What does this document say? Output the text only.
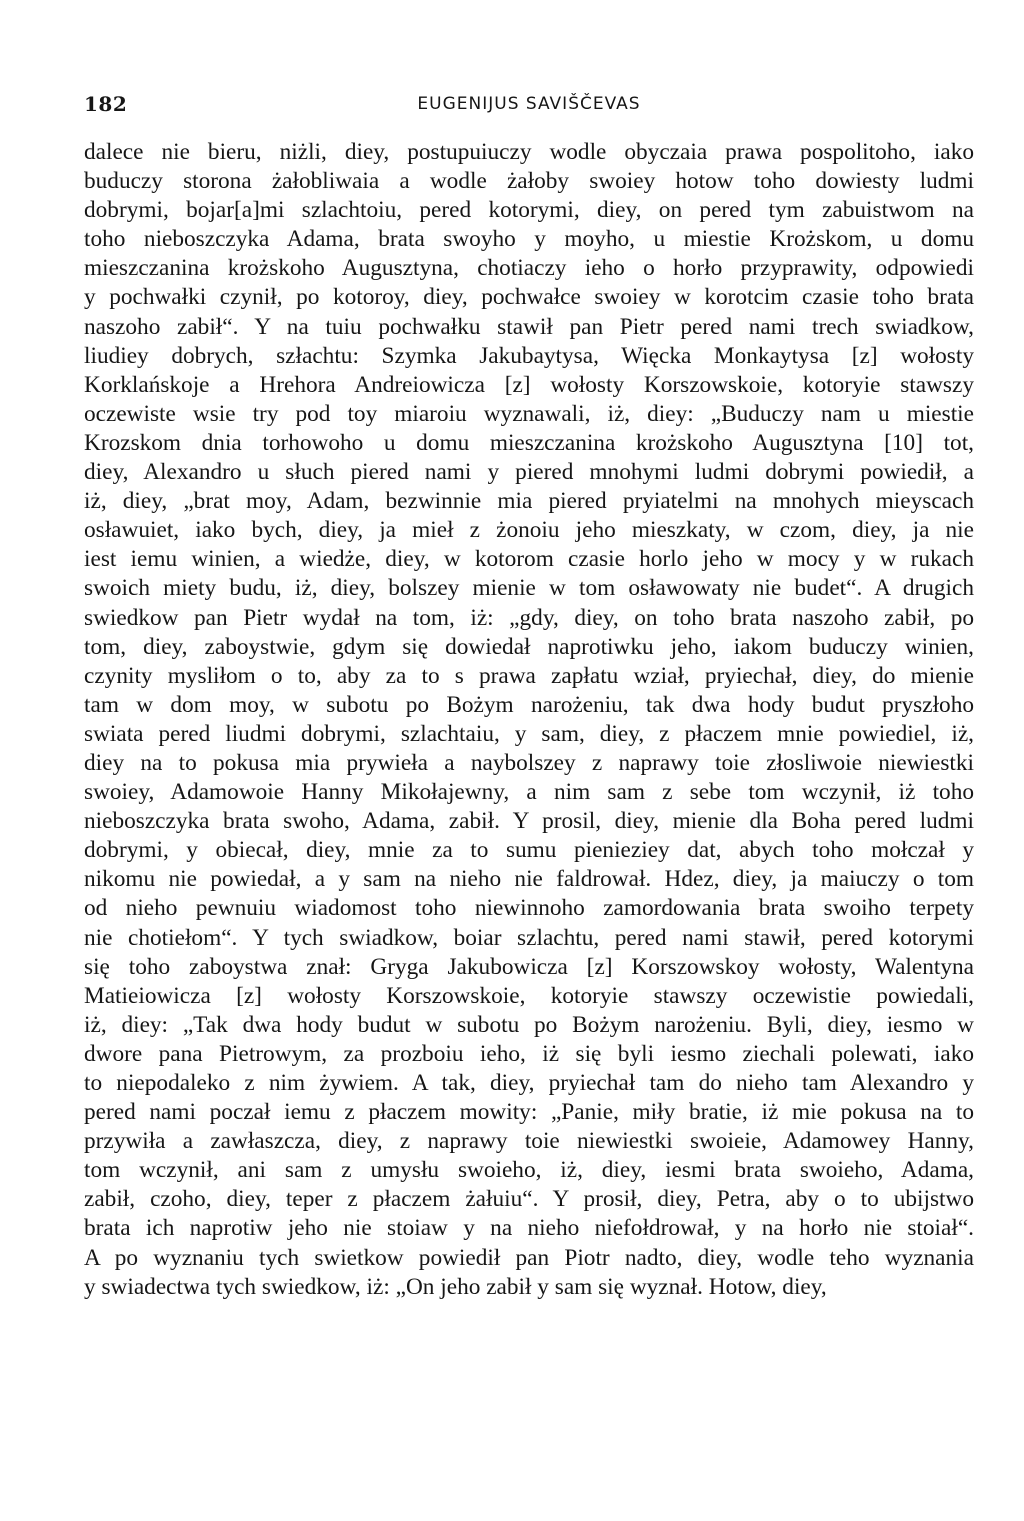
182	EUGENIJUS SAVIŠČEVAS
dalece nie bieru, niżli, diey, postupuiuczy wodle obyczaia prawa pospolitoho, iako
buduczy storona żałobliwaia a wodle żałoby swoiey hotow toho dowiesty ludmi
dobrymi, bojar[a]mi szlachtoiu, pered kotorymi, diey, on pered tym zabuistwom na
toho nieboszczyka Adama, brata swoyho y moyho, u miestie Krożskom, u domu
mieszczanina krożskoho Augusztyna, chotiaczy ieho o horło przyprawity, odpowiedi
y pochwałki czynił, po kotoroy, diey, pochwałce swoiey w korotcim czasie toho brata
naszoho zabił“. Y na tuiu pochwałku stawił pan Pietr pered nami trech swiadkow,
liudiey dobrych, szłachtu: Szymka Jakubaytysa, Więcka Monkaytysa [z] wołosty
Korklańskoje a Hrehora Andreiowicza [z] wołosty Korszowskoie, kotoryie stawszy
oczewiste wsie try pod toy miaroiu wyznawali, iż, diey: „Buduczy nam u miestie
Krozskom dnia torhowoho u domu mieszczanina krożskoho Augusztyna [10] tot,
diey, Alexandro u słuch piered nami y piered mnohymi ludmi dobrymi powiedił, a
iż, diey, „brat moy, Adam, bezwinnie mia piered pryiatelmi na mnohych mieyscach
osławuiet, iako bych, diey, ja mieł z żonoiu jeho mieszkaty, w czom, diey, ja nie
iest iemu winien, a wiedże, diey, w kotorom czasie horlo jeho w mocy y w rukach
swoich miety budu, iż, diey, bolszey mienie w tom osławowaty nie budet“. A drugich
swiedkow pan Pietr wydał na tom, iż: „gdy, diey, on toho brata naszoho zabił, po
tom, diey, zaboystwie, gdym się dowiedał naprotiwku jeho, iakom buduczy winien,
czynity mysliłom o to, aby za to s prawa zapłatu wział, pryiechał, diey, do mienie
tam w dom moy, w subotu po Bożym narożeniu, tak dwa hody budut pryszłoho
swiata pered liudmi dobrymi, szlachtaiu, y sam, diey, z płaczem mnie powiediel, iż,
diey na to pokusa mia prywieła a naybolszey z naprawy toie złosliwoie niewiestki
swoiey, Adamowoie Hanny Mikołajewny, a nim sam z sebe tom wczynił, iż toho
nieboszczyka brata swoho, Adama, zabił. Y prosil, diey, mienie dla Boha pered ludmi
dobrymi, y obiecał, diey, mnie za to sumu pienieziey dat, abych toho mołczał y
nikomu nie powiedał, a y sam na nieho nie faldrował. Hdez, diey, ja maiuczy o tom
od nieho pewnuiu wiadomost toho niewinnoho zamordowania brata swoiho terpety
nie chotiełom“. Y tych swiadkow, boiar szlachtu, pered nami stawił, pered kotorymi
się toho zaboystwa znał: Gryga Jakubowicza [z] Korszowskoy wołosty, Walentyna
Matieiowicza [z] wołosty Korszowskoie, kotoryie stawszy oczewistie powiedali,
iż, diey: „Tak dwa hody budut w subotu po Bożym narożeniu. Byli, diey, iesmo w
dwore pana Pietrowym, za prozboiu ieho, iż się byli iesmo ziechali polewati, iako
to niepodaleko z nim żywiem. A tak, diey, pryiechał tam do nieho tam Alexandro y
pered nami poczał iemu z płaczem mowity: „Panie, miły bratie, iż mie pokusa na to
przywiła a zawłaszcza, diey, z naprawy toie niewiestki swoieie, Adamowey Hanny,
tom wczynił, ani sam z umysłu swoieho, iż, diey, iesmi brata swoieho, Adama,
zabił, czoho, diey, teper z płaczem żałuiu“. Y prosił, diey, Petra, aby o to ubijstwo
brata ich naprotiw jeho nie stoiaw y na nieho niefołdrował, y na horło nie stoiał“.
A po wyznaniu tych swietkow powiedił pan Piotr nadto, diey, wodle teho wyznania
y swiadectwa tych swiedkow, iż: „On jeho zabił y sam się wyznał. Hotow, diey,
